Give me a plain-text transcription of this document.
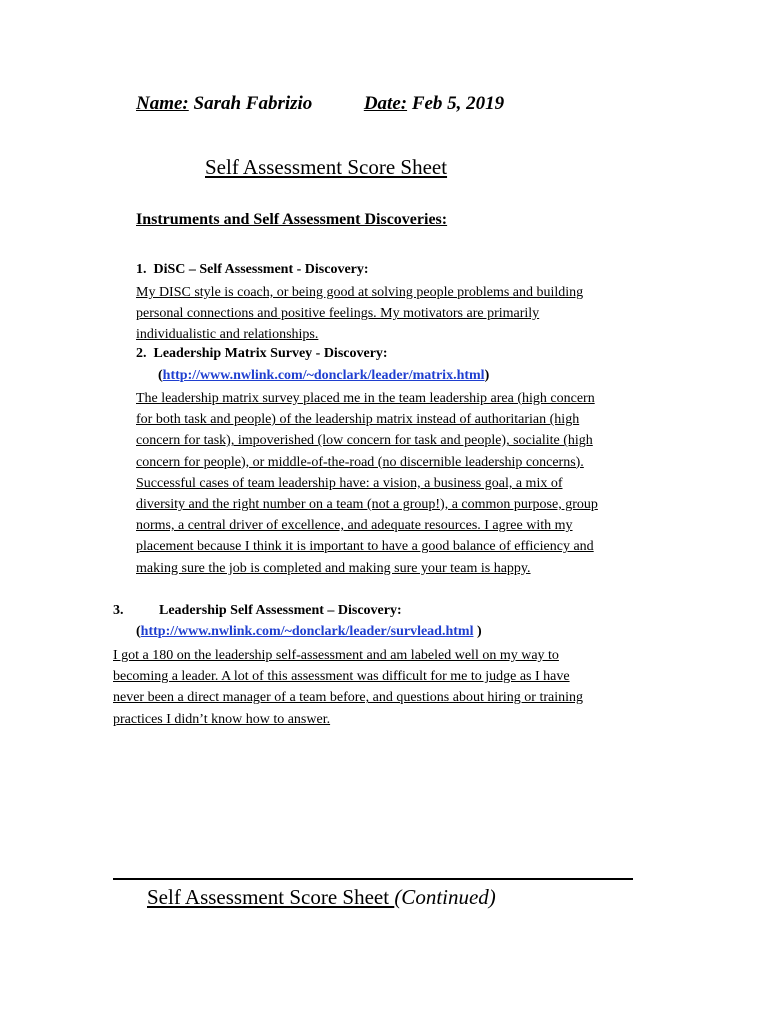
Name: Sarah Fabrizio	Date: Feb 5, 2019
Self Assessment Score Sheet
Instruments and Self Assessment Discoveries:
1. DiSC – Self Assessment - Discovery:
My DISC style is coach, or being good at solving people problems and building
personal connections and positive feelings. My motivators are primarily
individualistic and relationships.
2. Leadership Matrix Survey - Discovery:
(http://www.nwlink.com/~donclark/leader/matrix.html)
The leadership matrix survey placed me in the team leadership area (high concern
for both task and people) of the leadership matrix instead of authoritarian (high
concern for task), impoverished (low concern for task and people), socialite (high
concern for people), or middle-of-the-road (no discernible leadership concerns).
Successful cases of team leadership have: a vision, a business goal, a mix of
diversity and the right number on a team (not a group!), a common purpose, group
norms, a central driver of excellence, and adequate resources. I agree with my
placement because I think it is important to have a good balance of efficiency and
making sure the job is completed and making sure your team is happy.
3.	Leadership Self Assessment – Discovery:
(http://www.nwlink.com/~donclark/leader/survlead.html )
I got a 180 on the leadership self-assessment and am labeled well on my way to
becoming a leader. A lot of this assessment was difficult for me to judge as I have
never been a direct manager of a team before, and questions about hiring or training
practices I didn’t know how to answer.
Self Assessment Score Sheet (Continued)
